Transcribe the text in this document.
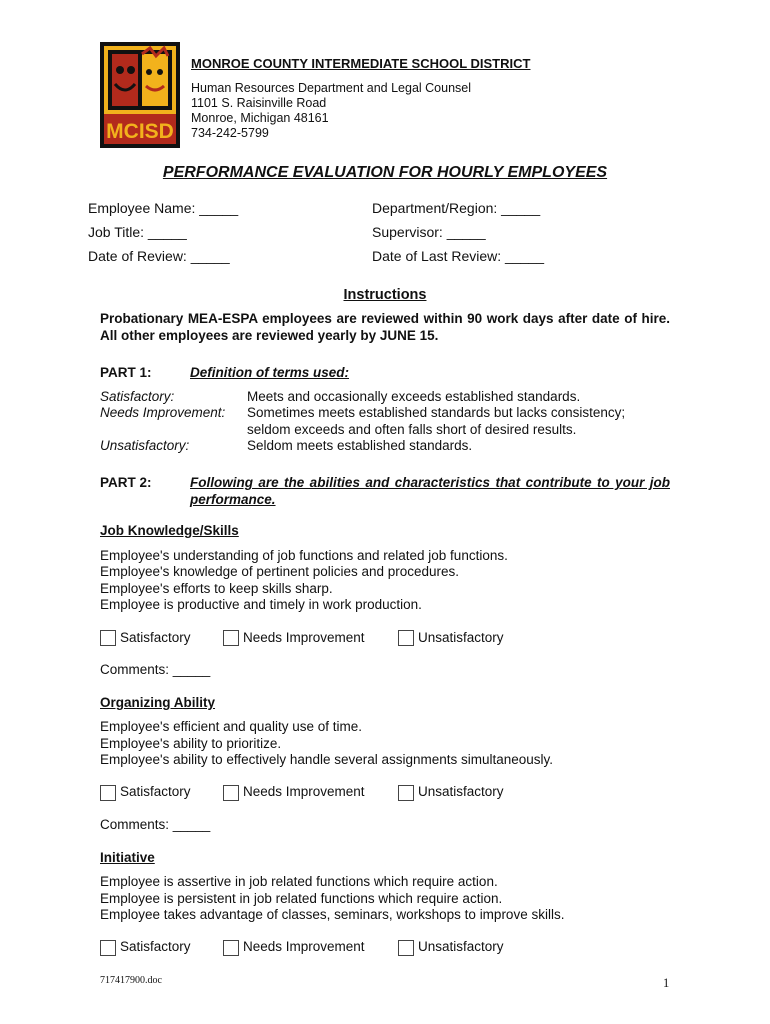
MCISD
MONROE COUNTY INTERMEDIATE SCHOOL DISTRICT
Human Resources Department and Legal Counsel
1101 S. Raisinville Road
Monroe, Michigan 48161
734-242-5799
PERFORMANCE EVALUATION FOR HOURLY EMPLOYEES
Employee Name: _____	Department/Region: _____
Job Title: _____	Supervisor: _____
Date of Review: _____	Date of Last Review: _____
Instructions
Probationary MEA-ESPA employees are reviewed within 90 work days after date of hire. All other employees are reviewed yearly by JUNE 15.
PART 1:	Definition of terms used:
Satisfactory:	Meets and occasionally exceeds established standards.
Needs Improvement: Sometimes meets established standards but lacks consistency;
seldom exceeds and often falls short of desired results.
Unsatisfactory:	Seldom meets established standards.
PART 2:	Following are the abilities and characteristics that contribute to your job performance.
Job Knowledge/Skills
Employee's understanding of job functions and related job functions.
Employee's knowledge of pertinent policies and procedures.
Employee's efforts to keep skills sharp.
Employee is productive and timely in work production.
Satisfactory	Needs Improvement	Unsatisfactory
Comments: _____
Organizing Ability
Employee's efficient and quality use of time.
Employee's ability to prioritize.
Employee's ability to effectively handle several assignments simultaneously.
Satisfactory	Needs Improvement	Unsatisfactory
Comments: _____
Initiative
Employee is assertive in job related functions which require action.
Employee is persistent in job related functions which require action.
Employee takes advantage of classes, seminars, workshops to improve skills.
Satisfactory	Needs Improvement	Unsatisfactory
717417900.doc	1
